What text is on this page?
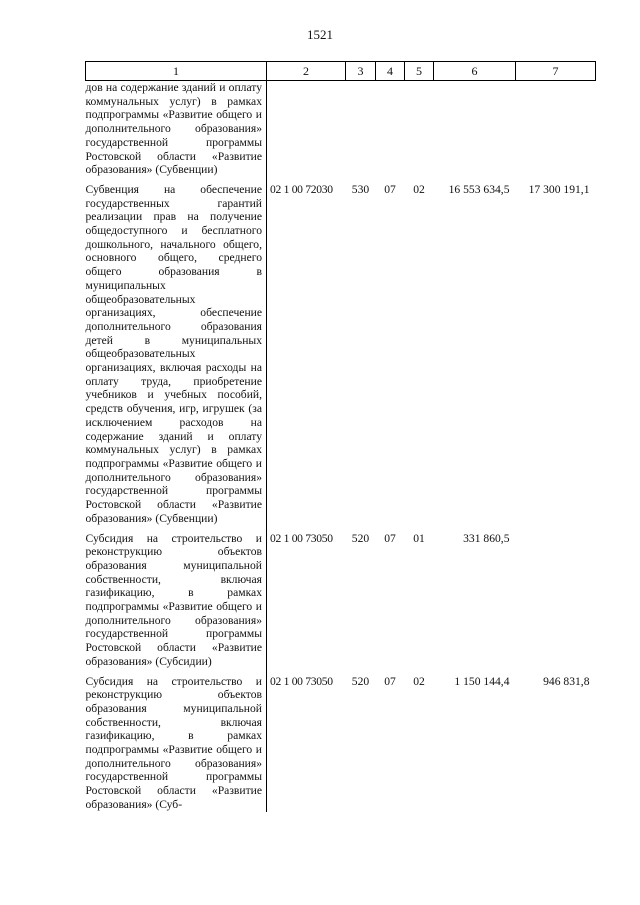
1521
1	2	3	4	5	6	7
дов на содержание зданий и оплату коммунальных услуг) в рамках подпрограммы «Развитие общего и дополнительного образования» государственной программы Ростовской области «Развитие образования» (Субвенции)						
Субвенция на обеспечение государственных гарантий реализации прав на получение общедоступного и бесплатного дошкольного, начального общего, основного общего, среднего общего образования в муниципальных общеобразовательных организациях, обеспечение дополнительного образования детей в муниципальных общеобразовательных организациях, включая расходы на оплату труда, приобретение учебников и учебных пособий, средств обучения, игр, игрушек (за исключением расходов на содержание зданий и оплату коммунальных услуг) в рамках подпрограммы «Развитие общего и дополнительного образования» государственной программы Ростовской области «Развитие образования» (Субвенции)	02 1 00 72030	530	07	02	16 553 634,5	17 300 191,1
Субсидия на строительство и реконструкцию объектов образования муниципальной собственности, включая газификацию, в рамках подпрограммы «Развитие общего и дополнительного образования» государственной программы Ростовской области «Развитие образования» (Субсидии)	02 1 00 73050	520	07	01	331 860,5	
Субсидия на строительство и реконструкцию объектов образования муниципальной собственности, включая газификацию, в рамках подпрограммы «Развитие общего и дополнительного образования» государственной программы Ростовской области «Развитие образования» (Суб-	02 1 00 73050	520	07	02	1 150 144,4	946 831,8
